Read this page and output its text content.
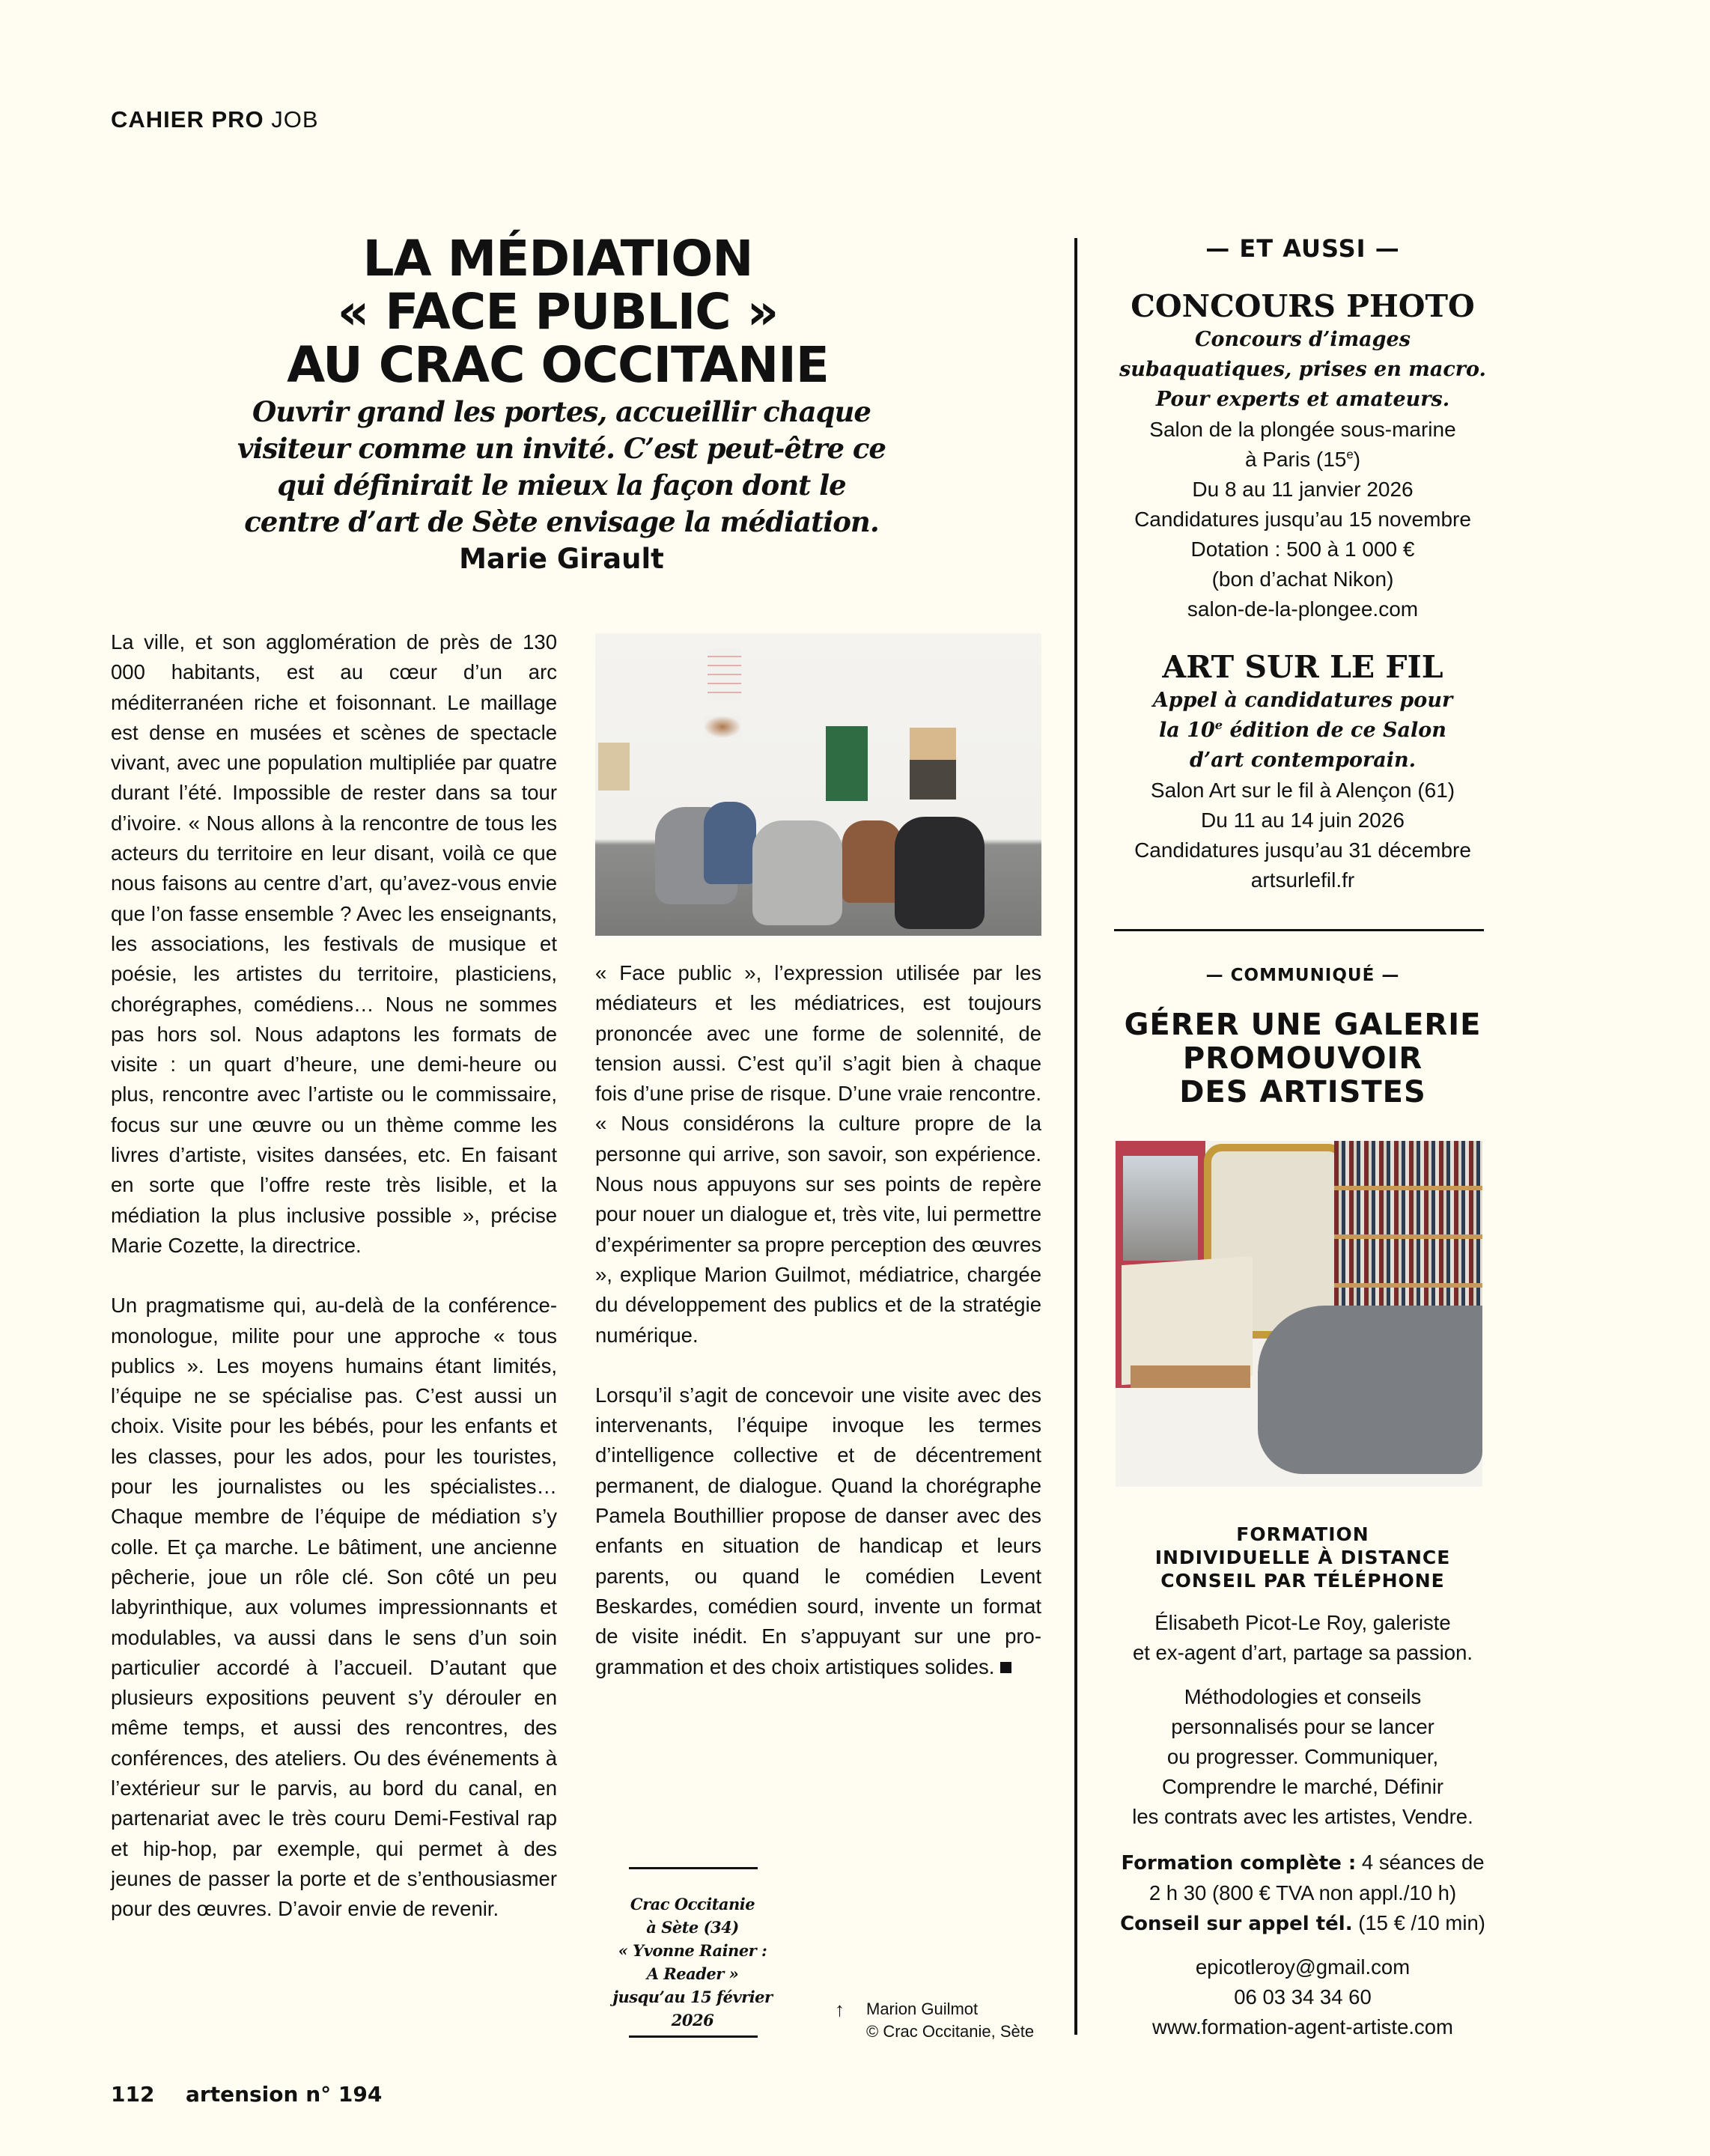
CAHIER PRO JOB
LA MÉDIATION
« FACE PUBLIC »
AU CRAC OCCITANIE
Ouvrir grand les portes, accueillir chaque visiteur comme un invité. C’est peut-être ce qui définirait le mieux la façon dont le centre d’art de Sète envisage la médiation. Marie Girault

La ville, et son agglomération de près de 130 000 habitants, est au cœur d’un arc méditerranéen riche et foisonnant. Le maillage est dense en musées et scènes de spectacle vivant, avec une population multipliée par quatre durant l’été. Impossible de rester dans sa tour d’ivoire. « Nous allons à la rencontre de tous les acteurs du territoire en leur disant, voilà ce que nous faisons au centre d’art, qu’avez-vous envie que l’on fasse ensemble ? Avec les enseignants, les associations, les festivals de musique et poésie, les artistes du territoire, plasticiens, chorégraphes, comédiens… Nous ne sommes pas hors sol. Nous adaptons les formats de visite : un quart d’heure, une demi-heure ou plus, rencontre avec l’artiste ou le commissaire, focus sur une œuvre ou un thème comme les livres d’artiste, visites dansées, etc. En faisant en sorte que l’offre reste très lisible, et la médiation la plus inclusive possible », précise Marie Cozette, la directrice.

Un pragmatisme qui, au-delà de la conférence-monologue, milite pour une approche « tous publics ». Les moyens humains étant limités, l’équipe ne se spécialise pas. C’est aussi un choix. Visite pour les bébés, pour les enfants et les classes, pour les ados, pour les touristes, pour les journalistes ou les spécialistes… Chaque membre de l’équipe de médiation s’y colle. Et ça marche. Le bâtiment, une ancienne pêcherie, joue un rôle clé. Son côté un peu labyrinthique, aux volumes impressionnants et modulables, va aussi dans le sens d’un soin particulier accordé à l’accueil. D’autant que plusieurs expositions peuvent s’y dérouler en même temps, et aussi des rencontres, des conférences, des ateliers. Ou des événements à l’extérieur sur le parvis, au bord du canal, en partenariat avec le très couru Demi-Festival rap et hip-hop, par exemple, qui permet à des jeunes de passer la porte et de s’enthousiasmer pour des œuvres. D’avoir envie de revenir.

« Face public », l’expression utilisée par les médiateurs et les médiatrices, est toujours prononcée avec une forme de solennité, de tension aussi. C’est qu’il s’agit bien à chaque fois d’une prise de risque. D’une vraie rencontre. « Nous considérons la culture propre de la personne qui arrive, son savoir, son expérience. Nous nous appuyons sur ses points de repère pour nouer un dialogue et, très vite, lui permettre d’expérimenter sa propre perception des œuvres », explique Marion Guilmot, médiatrice, chargée du développement des publics et de la stratégie numérique.

Lorsqu’il s’agit de concevoir une visite avec des intervenants, l’équipe invoque les termes d’intelligence collective et de décentrement permanent, de dialogue. Quand la chorégraphe Pamela Bouthillier propose de danser avec des enfants en situation de handicap et leurs parents, ou quand le comédien Levent Beskardes, comédien sourd, invente un format de visite inédit. En s’appuyant sur une programmation et des choix artistiques solides.

Crac Occitanie
à Sète (34)
« Yvonne Rainer :
A Reader »
jusqu’au 15 février 2026	↑ Marion Guilmot
© Crac Occitanie, Sète
— ET AUSSI —
CONCOURS PHOTO
Concours d’images
subaquatiques, prises en macro.
Pour experts et amateurs.
Salon de la plongée sous-marine
à Paris (15e)
Du 8 au 11 janvier 2026
Candidatures jusqu’au 15 novembre
Dotation : 500 à 1 000 €
(bon d’achat Nikon)
salon-de-la-plongee.com
ART SUR LE FIL
Appel à candidatures pour
la 10e édition de ce Salon
d’art contemporain.
Salon Art sur le fil à Alençon (61)
Du 11 au 14 juin 2026
Candidatures jusqu’au 31 décembre
artsurlefil.fr
— COMMUNIQUÉ —
GÉRER UNE GALERIE
PROMOUVOIR
DES ARTISTES
FORMATION
INDIVIDUELLE À DISTANCE
CONSEIL PAR TÉLÉPHONE
Élisabeth Picot-Le Roy, galeriste
et ex-agent d’art, partage sa passion.
Méthodologies et conseils
personnalisés pour se lancer
ou progresser. Communiquer,
Comprendre le marché, Définir
les contrats avec les artistes, Vendre.
Formation complète : 4 séances de
2 h 30 (800 € TVA non appl./10 h)
Conseil sur appel tél. (15 € /10 min)
epicotleroy@gmail.com
06 03 34 34 60
www.formation-agent-artiste.com
112 artension n° 194
